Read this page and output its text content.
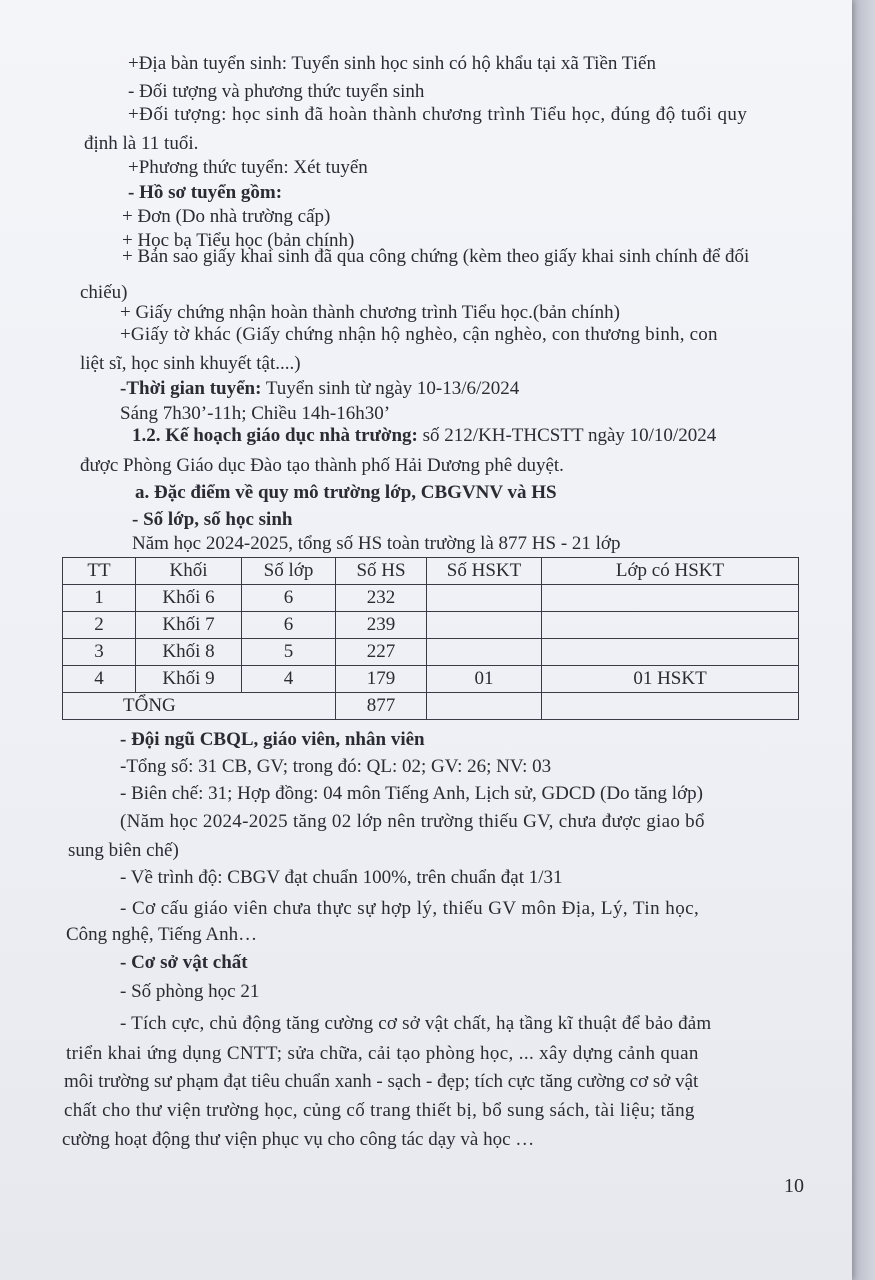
+Địa bàn tuyển sinh: Tuyển sinh học sinh có hộ khẩu tại xã Tiền Tiến
- Đối tượng và phương thức tuyển sinh
+Đối tượng: học sinh đã hoàn thành chương trình Tiểu học, đúng độ tuổi quy
định là 11 tuổi.
+Phương thức tuyển: Xét tuyển
- Hồ sơ tuyển gồm:
+ Đơn (Do nhà trường cấp)
+ Học bạ Tiểu học (bản chính)
+ Bản sao giấy khai sinh đã qua công chứng (kèm theo giấy khai sinh chính để đối
chiếu)
+ Giấy chứng nhận hoàn thành chương trình Tiểu học.(bản chính)
+Giấy tờ khác (Giấy chứng nhận hộ nghèo, cận nghèo, con thương binh, con
liệt sĩ, học sinh khuyết tật....)
-Thời gian tuyển: Tuyển sinh từ ngày 10-13/6/2024
Sáng 7h30’-11h; Chiều 14h-16h30’
1.2. Kế hoạch giáo dục nhà trường: số 212/KH-THCSTT ngày 10/10/2024
được Phòng Giáo dục Đào tạo thành phố Hải Dương phê duyệt.
a. Đặc điểm về quy mô trường lớp, CBGVNV và HS
- Số lớp, số học sinh
Năm học 2024-2025, tổng số HS toàn trường là 877 HS - 21 lớp
TT	Khối	Số lớp	Số HS	Số HSKT	Lớp có HSKT
1	Khối 6	6	232		
2	Khối 7	6	239		
3	Khối 8	5	227		
4	Khối 9	4	179	01	01 HSKT
TỔNG			877		
- Đội ngũ CBQL, giáo viên, nhân viên
-Tổng số: 31 CB, GV; trong đó: QL: 02; GV: 26; NV: 03
- Biên chế: 31; Hợp đồng: 04 môn Tiếng Anh, Lịch sử, GDCD (Do tăng lớp)
(Năm học 2024-2025 tăng 02 lớp nên trường thiếu GV, chưa được giao bổ
sung biên chế)
- Về trình độ: CBGV đạt chuẩn 100%, trên chuẩn đạt 1/31
- Cơ cấu giáo viên chưa thực sự hợp lý, thiếu GV môn Địa, Lý, Tin học,
Công nghệ, Tiếng Anh…
- Cơ sở vật chất
- Số phòng học 21
- Tích cực, chủ động tăng cường cơ sở vật chất, hạ tầng kĩ thuật để bảo đảm
triển khai ứng dụng CNTT; sửa chữa, cải tạo phòng học, ... xây dựng cảnh quan
môi trường sư phạm đạt tiêu chuẩn xanh - sạch - đẹp; tích cực tăng cường cơ sở vật
chất cho thư viện trường học, củng cố trang thiết bị, bổ sung sách, tài liệu; tăng
cường hoạt động thư viện phục vụ cho công tác dạy và học …
10
